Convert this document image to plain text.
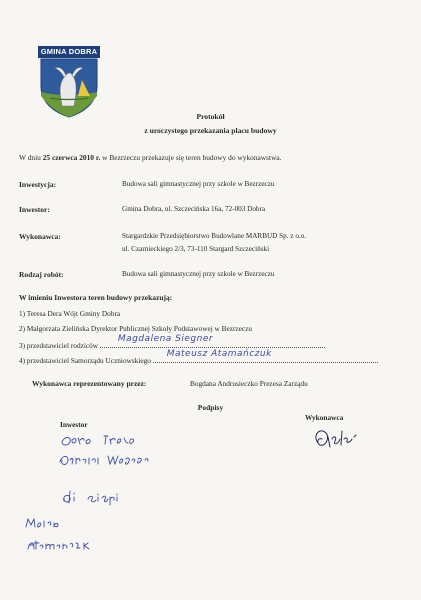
GMINA DOBRA
Protokół
z uroczystego przekazania placu budowy
W dniu 25 czerwca 2010 r. w Bezrzeczu przekazuje się teren budowy do wykonawstwa.
Inwestycja:	Budowa sali gimnastycznej przy szkole w Bezrzeczu
Inwestor:	Gmina Dobra, ul. Szczecińska 16a, 72-003 Dobra
Wykonawca:	Stargardzkie Przedsiębiorstwo Budowlane MARBUD Sp. z o.o.
ul. Czarnieckiego 2/3, 73-110 Stargard Szczeciński
Rodzaj robót:	Budowa sali gimnastycznej przy szkole w Bezrzeczu
W imieniu Inwestora teren budowy przekazują:
1) Teresa Dera Wójt Gminy Dobra
2) Małgorzata Zielińska Dyrektor Publicznej Szkoły Podstawowej w Bezrzeczu
3) przedstawiciel rodziców
Magdalena Siegner
4) przedstawiciel Samorządu Uczniowskiego
Mateusz Atamańczuk
Wykonawca reprezentowany przez:	Bogdana Andrusieczko Prezesa Zarządu
Podpisy
Inwestor
Wykonawca
